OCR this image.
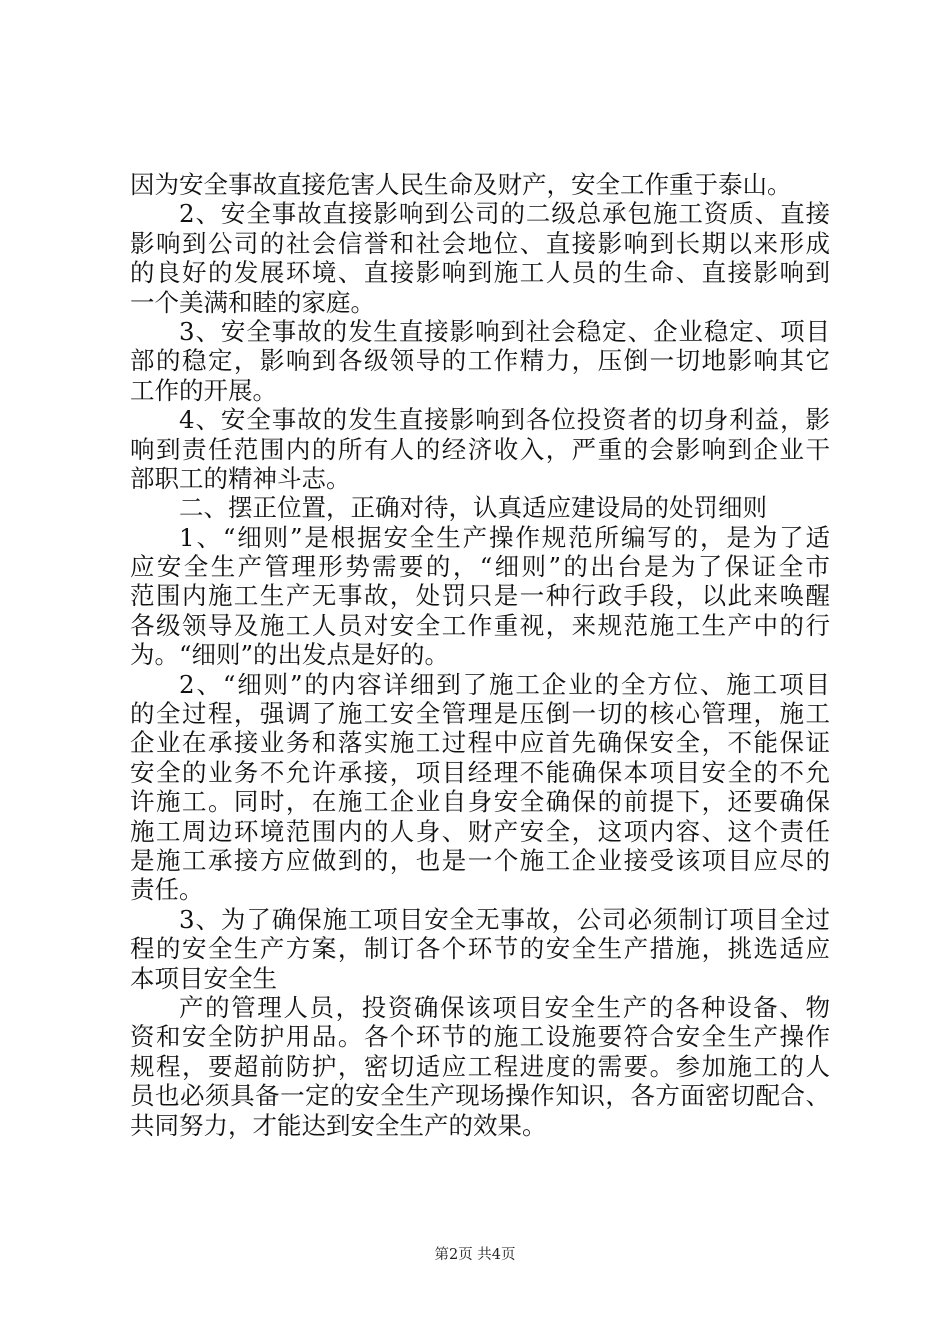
因为安全事故直接危害人民生命及财产，安全工作重于泰山。
2、安全事故直接影响到公司的二级总承包施工资质、直接
影响到公司的社会信誉和社会地位、直接影响到长期以来形成
的良好的发展环境、直接影响到施工人员的生命、直接影响到
一个美满和睦的家庭。
3、安全事故的发生直接影响到社会稳定、企业稳定、项目
部的稳定，影响到各级领导的工作精力，压倒一切地影响其它
工作的开展。
4、安全事故的发生直接影响到各位投资者的切身利益，影
响到责任范围内的所有人的经济收入，严重的会影响到企业干
部职工的精神斗志。
二、摆正位置，正确对待，认真适应建设局的处罚细则
1、“细则”是根据安全生产操作规范所编写的，是为了适
应安全生产管理形势需要的，“细则”的出台是为了保证全市
范围内施工生产无事故，处罚只是一种行政手段，以此来唤醒
各级领导及施工人员对安全工作重视，来规范施工生产中的行
为。“细则”的出发点是好的。
2、“细则”的内容详细到了施工企业的全方位、施工项目
的全过程，强调了施工安全管理是压倒一切的核心管理，施工
企业在承接业务和落实施工过程中应首先确保安全，不能保证
安全的业务不允许承接，项目经理不能确保本项目安全的不允
许施工。同时，在施工企业自身安全确保的前提下，还要确保
施工周边环境范围内的人身、财产安全，这项内容、这个责任
是施工承接方应做到的，也是一个施工企业接受该项目应尽的
责任。
3、为了确保施工项目安全无事故，公司必须制订项目全过
程的安全生产方案，制订各个环节的安全生产措施，挑选适应
本项目安全生
产的管理人员，投资确保该项目安全生产的各种设备、物
资和安全防护用品。各个环节的施工设施要符合安全生产操作
规程，要超前防护，密切适应工程进度的需要。参加施工的人
员也必须具备一定的安全生产现场操作知识，各方面密切配合、
共同努力，才能达到安全生产的效果。
第2页 共4页
